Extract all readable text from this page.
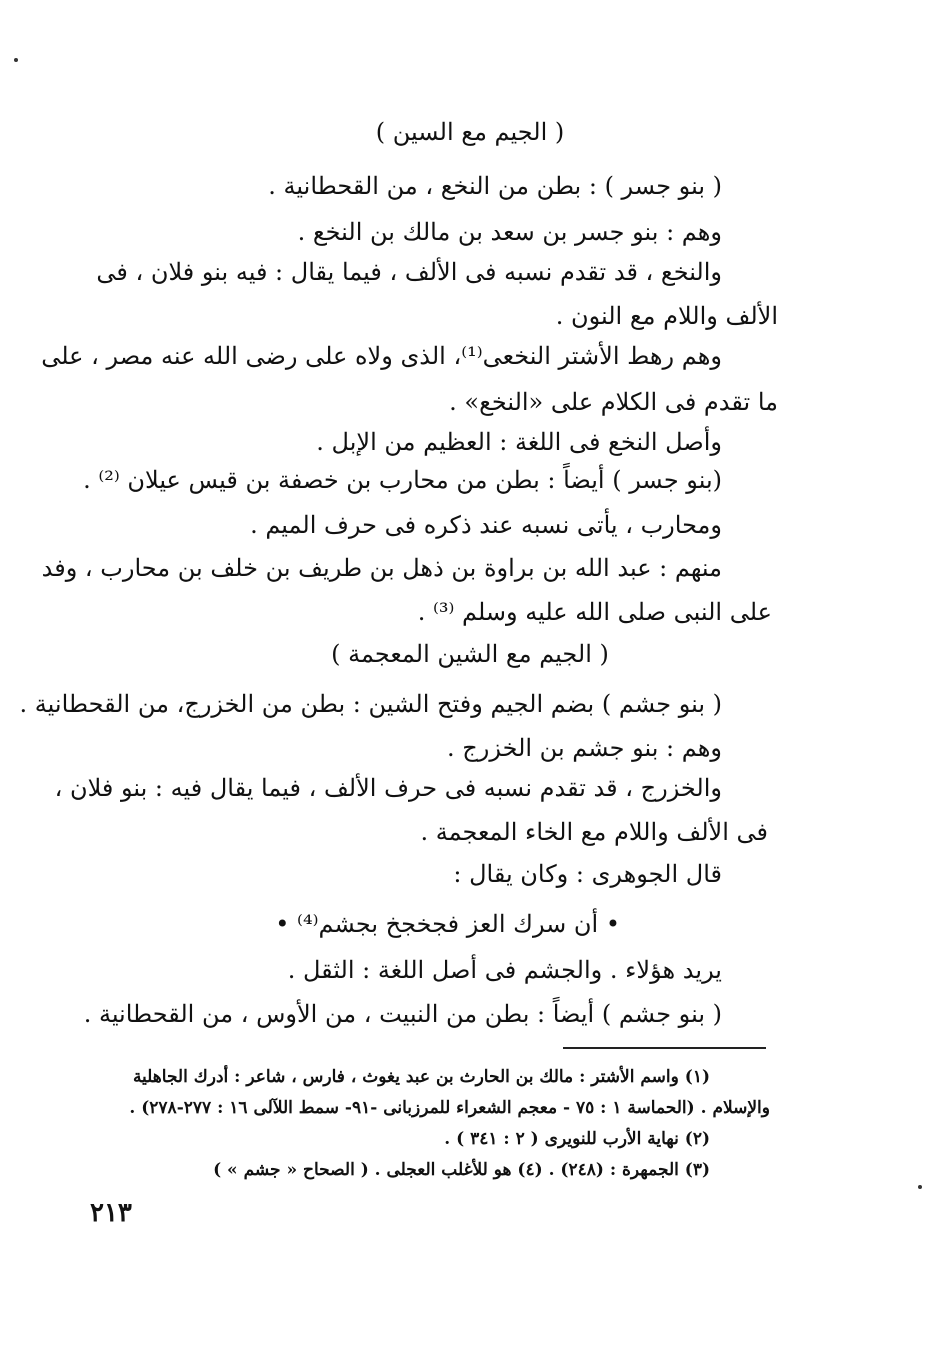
( الجيم مع السين )
( بنو جسر ) : بطن من النخع ، من القحطانية .
وهم : بنو جسر بن سعد بن مالك بن النخع .
والنخع ، قد تقدم نسبه فى الألف ، فيما يقال : فيه بنو فلان ، فى
الألف واللام مع النون .
وهم رهط الأشتر النخعى⁽¹⁾، الذى ولاه على رضى الله عنه مصر ، على
ما تقدم فى الكلام على «النخع» .
وأصل النخع فى اللغة : العظيم من الإبل .
(بنو جسر ) أيضاً : بطن من محارب بن خصفة بن قيس عيلان ⁽²⁾ .
ومحارب ، يأتى نسبه عند ذكره فى حرف الميم .
منهم : عبد الله بن براوة بن ذهل بن طريف بن خلف بن محارب ، وفد
على النبى صلى الله عليه وسلم ⁽³⁾ .
( الجيم مع الشين المعجمة )
( بنو جشم ) بضم الجيم وفتح الشين : بطن من الخزرج، من القحطانية .
وهم : بنو جشم بن الخزرج .
والخزرج ، قد تقدم نسبه فى حرف الألف ، فيما يقال فيه : بنو فلان ،
فى الألف واللام مع الخاء المعجمة .
قال الجوهرى : وكان يقال :
• أن سرك العز فجخجخ بجشم⁽⁴⁾ •
يريد هؤلاء . والجشم فى أصل اللغة : الثقل .
( بنو جشم ) أيضاً : بطن من النبيت ، من الأوس ، من القحطانية .
(١) واسم الأشتر : مالك بن الحارث بن عبد يغوث ، فارس ، شاعر : أدرك الجاهلية
والإسلام . (الحماسة ١ : ٧٥ - معجم الشعراء للمرزبانى -٩١- سمط اللآلى ١٦ : ٢٧٧-٢٧٨) .
(٢) نهاية الأرب للنويرى ( ٢ : ٣٤١ ) .
(٣) الجمهرة : (٢٤٨) . (٤) هو للأغلب العجلى . ( الصحاح « جشم » )
٢١٣
